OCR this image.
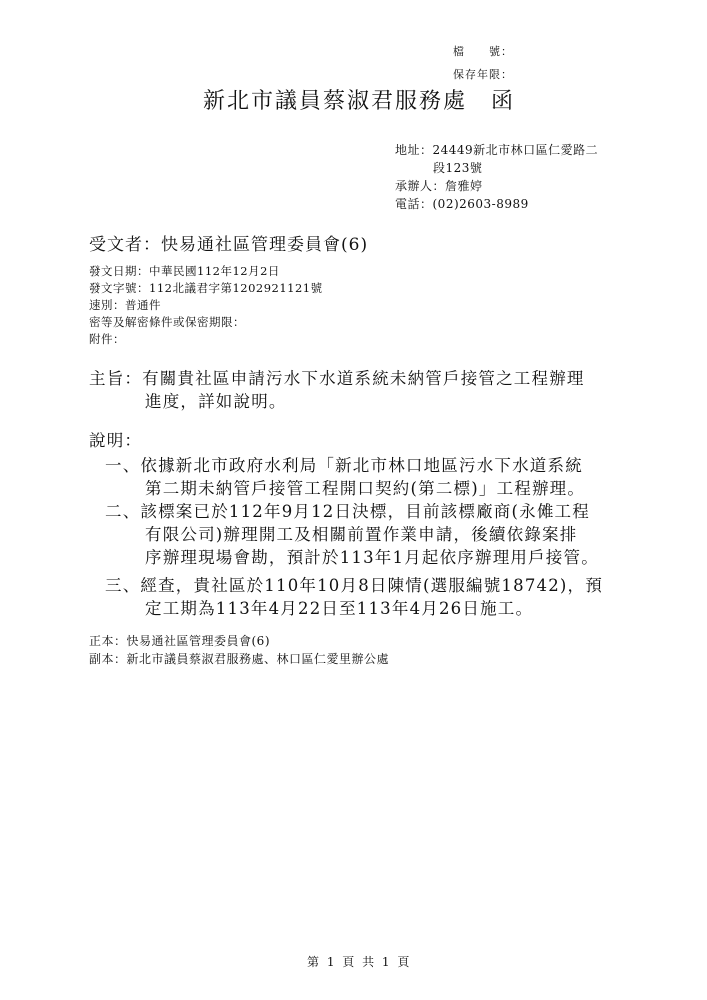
檔　　號：
保存年限：
新北市議員蔡淑君服務處　函
地址：24449新北市林口區仁愛路二
段123號
承辦人：詹雅婷
電話：(02)2603-8989
受文者：快易通社區管理委員會(6)
發文日期：中華民國112年12月2日
發文字號：112北議君字第1202921121號
速別：普通件
密等及解密條件或保密期限：
附件：
主旨：有關貴社區申請污水下水道系統未納管戶接管之工程辦理
進度，詳如說明。
說明：
一、依據新北市政府水利局「新北市林口地區污水下水道系統
第二期未納管戶接管工程開口契約(第二標)」工程辦理。
二、該標案已於112年9月12日決標，目前該標廠商(永傩工程
有限公司)辦理開工及相關前置作業申請，後續依錄案排
序辦理現場會勘，預計於113年1月起依序辦理用戶接管。
三、經查，貴社區於110年10月8日陳情(選服編號18742)，預
定工期為113年4月22日至113年4月26日施工。
正本：快易通社區管理委員會(6)
副本：新北市議員蔡淑君服務處、林口區仁愛里辦公處
第 1 頁 共 1 頁
